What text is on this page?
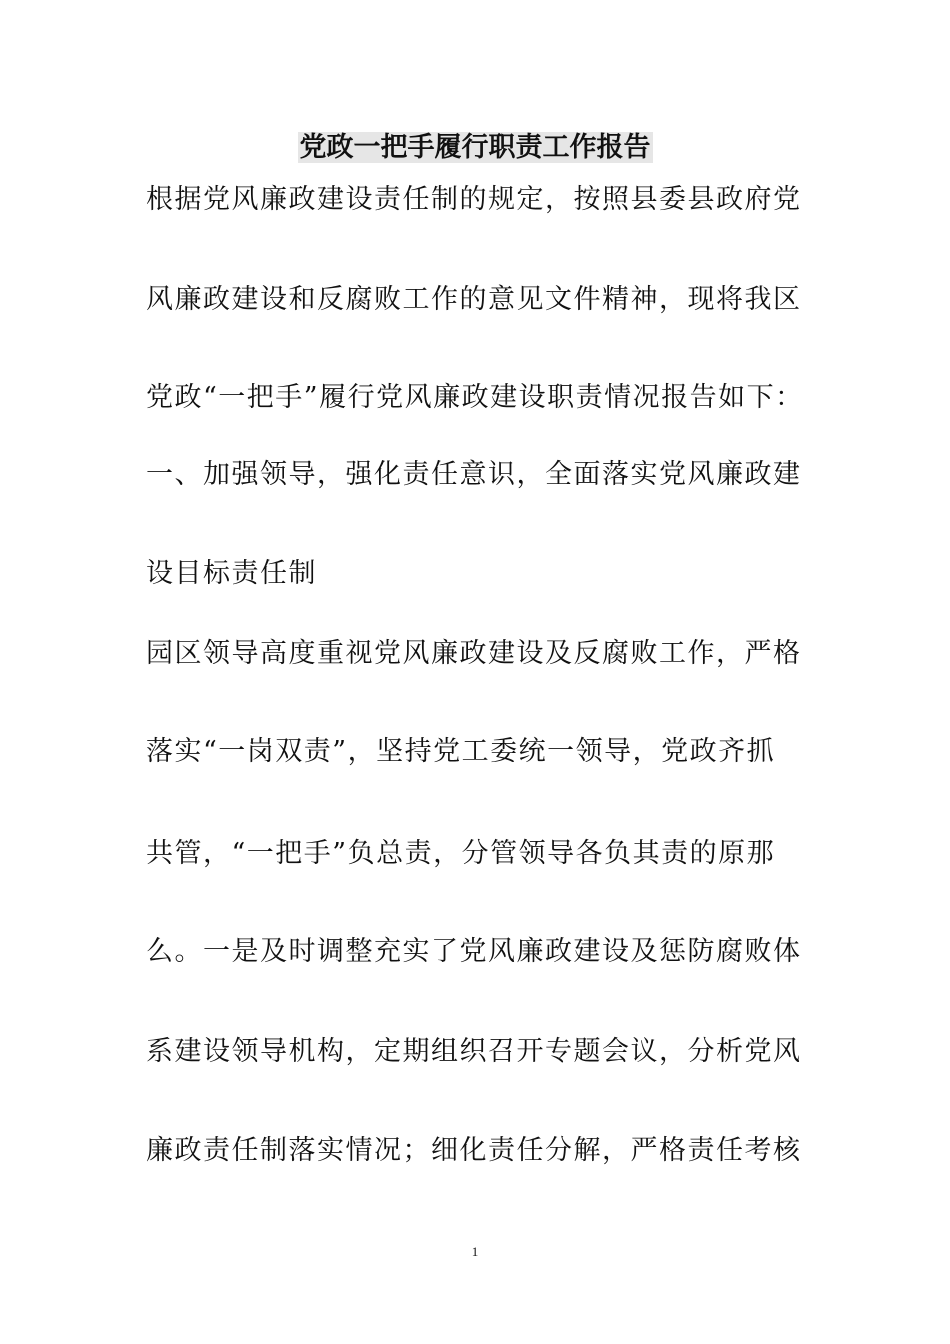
党政一把手履行职责工作报告
根据党风廉政建设责任制的规定，按照县委县政府党
风廉政建设和反腐败工作的意见文件精神，现将我区
党政“一把手”履行党风廉政建设职责情况报告如下：
一、加强领导，强化责任意识，全面落实党风廉政建
设目标责任制
园区领导高度重视党风廉政建设及反腐败工作，严格
落实“一岗双责”，坚持党工委统一领导，党政齐抓
共管，“一把手”负总责，分管领导各负其责的原那
么。一是及时调整充实了党风廉政建设及惩防腐败体
系建设领导机构，定期组织召开专题会议，分析党风
廉政责任制落实情况；细化责任分解，严格责任考核
1
